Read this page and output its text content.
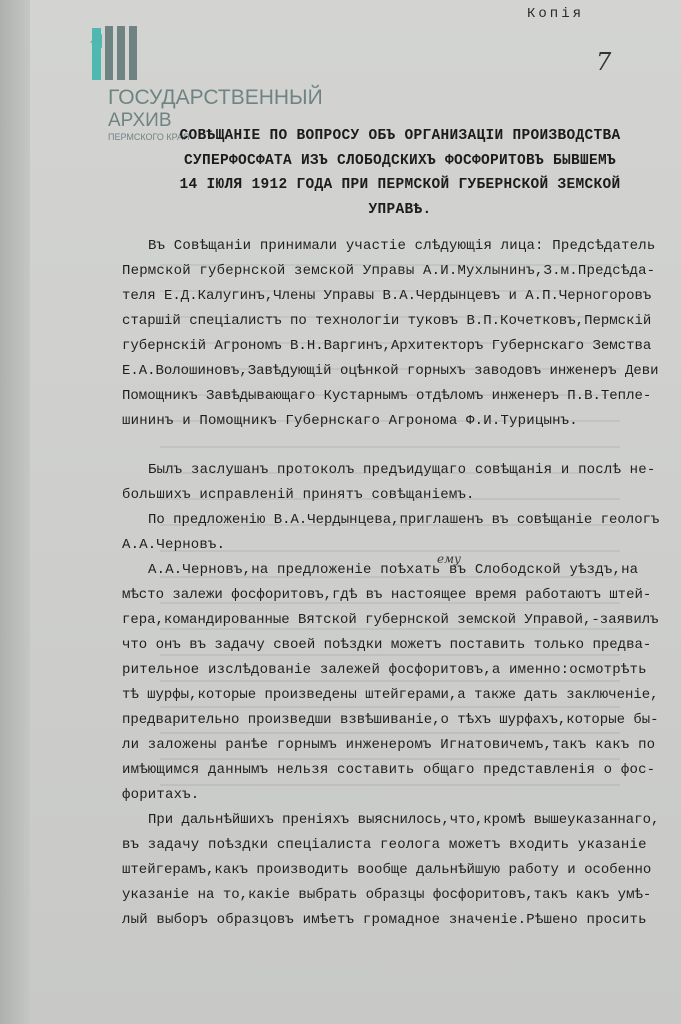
Копія
7
ГОСУДАРСТВЕННЫЙ
АРХИВ
ПЕРМСКОГО КРАЯ
СОВѢЩАНІЕ ПО ВОПРОСУ ОБЪ ОРГАНИЗАЦІИ ПРОИЗВОДСТВА
СУПЕРФОСФАТА ИЗЪ СЛОБОДСКИХЪ ФОСФОРИТОВЪ БЫВШЕМЪ
14 ІЮЛЯ 1912 ГОДА ПРИ ПЕРМСКОЙ ГУБЕРНСКОЙ ЗЕМСКОЙ
УПРАВѢ.
Въ Совѣщаніи принимали участіе слѣдующія лица: Предсѣдатель
Пермской губернской земской Управы А.И.Мухлынинъ,З.м.Предсѣда-
теля Е.Д.Калугинъ,Члены Управы В.А.Чердынцевъ и А.П.Черногоровъ
старшій спеціалистъ по технологіи туковъ В.П.Кочетковъ,Пермскій
губернскій Агрономъ В.Н.Варгинъ,Архитекторъ Губернскаго Земства
Е.А.Волошиновъ,Завѣдующій оцѣнкой горныхъ заводовъ инженеръ Деви
Помощникъ Завѣдывающаго Кустарнымъ отдѣломъ инженеръ П.В.Тепле-
шининъ и Помощникъ Губернскаго Агронома Ф.И.Турицынъ.
Былъ заслушанъ протоколъ предъидущаго совѣщанія и послѣ не-
большихъ исправленій принятъ совѣщаніемъ.
По предложенію В.А.Чердынцева,приглашенъ въ совѣщаніе геологъ
А.А.Черновъ.
А.А.Черновъ,на предложеніе поѣхать въ Слободской уѣздъ,на
мѣсто залежи фосфоритовъ,гдѣ въ настоящее время работаютъ штей-
гера,командированные Вятской губернской земской Управой,-заявилъ
что онъ въ задачу своей поѣздки можетъ поставить только предва-
рительное изслѣдованіе залежей фосфоритовъ,а именно:осмотрѣть
тѣ шурфы,которые произведены штейгерами,а также дать заключеніе,
предварительно произведши взвѣшиваніе,о тѣхъ шурфахъ,которые бы-
ли заложены ранѣе горнымъ инженеромъ Игнатовичемъ,такъ какъ по
имѣющимся даннымъ нельзя составить общаго представленія о фос-
форитахъ.
При дальнѣйшихъ преніяхъ выяснилось,что,кромѣ вышеуказаннаго,
въ задачу поѣздки спеціалиста геолога можетъ входить указаніе
штейгерамъ,какъ производить вообще дальнѣйшую работу и особенно
указаніе на то,какіе выбрать образцы фосфоритовъ,такъ какъ умѣ-
лый выборъ образцовъ имѣетъ громадное значеніе.Рѣшено просить
ему
